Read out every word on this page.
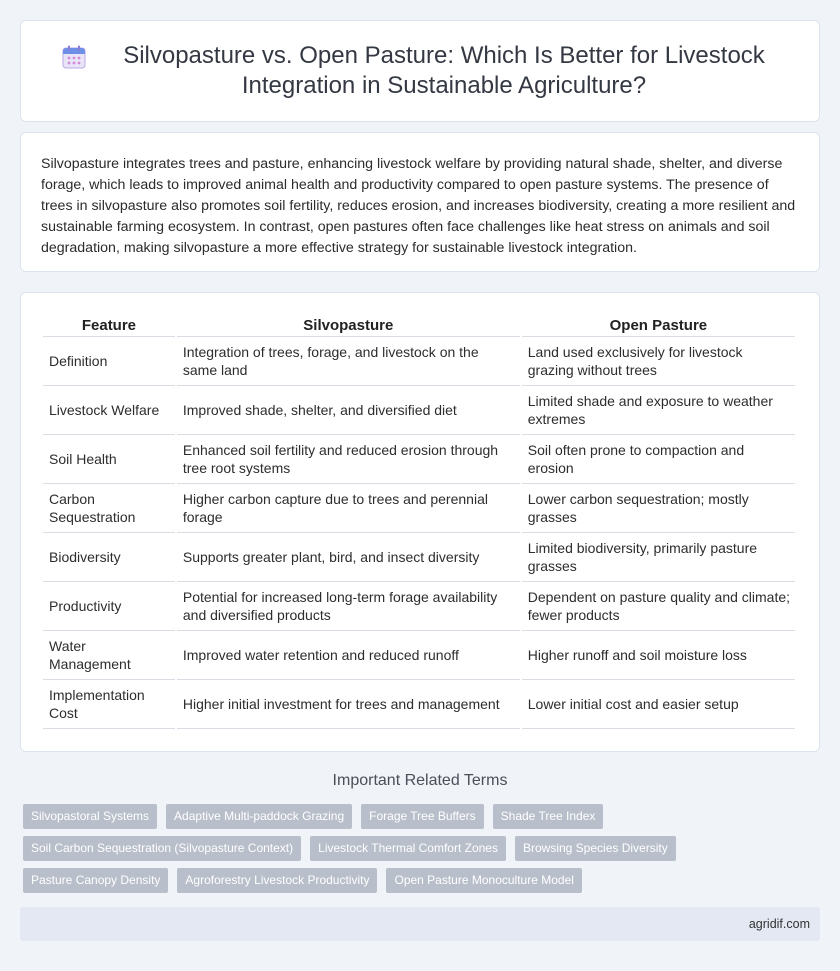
Silvopasture vs. Open Pasture: Which Is Better for Livestock Integration in Sustainable Agriculture?

Silvopasture integrates trees and pasture, enhancing livestock welfare by providing natural shade, shelter, and diverse forage, which leads to improved animal health and productivity compared to open pasture systems. The presence of trees in silvopasture also promotes soil fertility, reduces erosion, and increases biodiversity, creating a more resilient and sustainable farming ecosystem. In contrast, open pastures often face challenges like heat stress on animals and soil degradation, making silvopasture a more effective strategy for sustainable livestock integration.

Feature	Silvopasture	Open Pasture
Definition	Integration of trees, forage, and livestock on the same land	Land used exclusively for livestock grazing without trees
Livestock Welfare	Improved shade, shelter, and diversified diet	Limited shade and exposure to weather extremes
Soil Health	Enhanced soil fertility and reduced erosion through tree root systems	Soil often prone to compaction and erosion
Carbon Sequestration	Higher carbon capture due to trees and perennial forage	Lower carbon sequestration; mostly grasses
Biodiversity	Supports greater plant, bird, and insect diversity	Limited biodiversity, primarily pasture grasses
Productivity	Potential for increased long-term forage availability and diversified products	Dependent on pasture quality and climate; fewer products
Water Management	Improved water retention and reduced runoff	Higher runoff and soil moisture loss
Implementation Cost	Higher initial investment for trees and management	Lower initial cost and easier setup
Important Related Terms
Silvopastoral Systems	Adaptive Multi-paddock Grazing	Forage Tree Buffers	Shade Tree Index
Soil Carbon Sequestration (Silvopasture Context)	Livestock Thermal Comfort Zones	Browsing Species Diversity
Pasture Canopy Density	Agroforestry Livestock Productivity	Open Pasture Monoculture Model
agridif.com
